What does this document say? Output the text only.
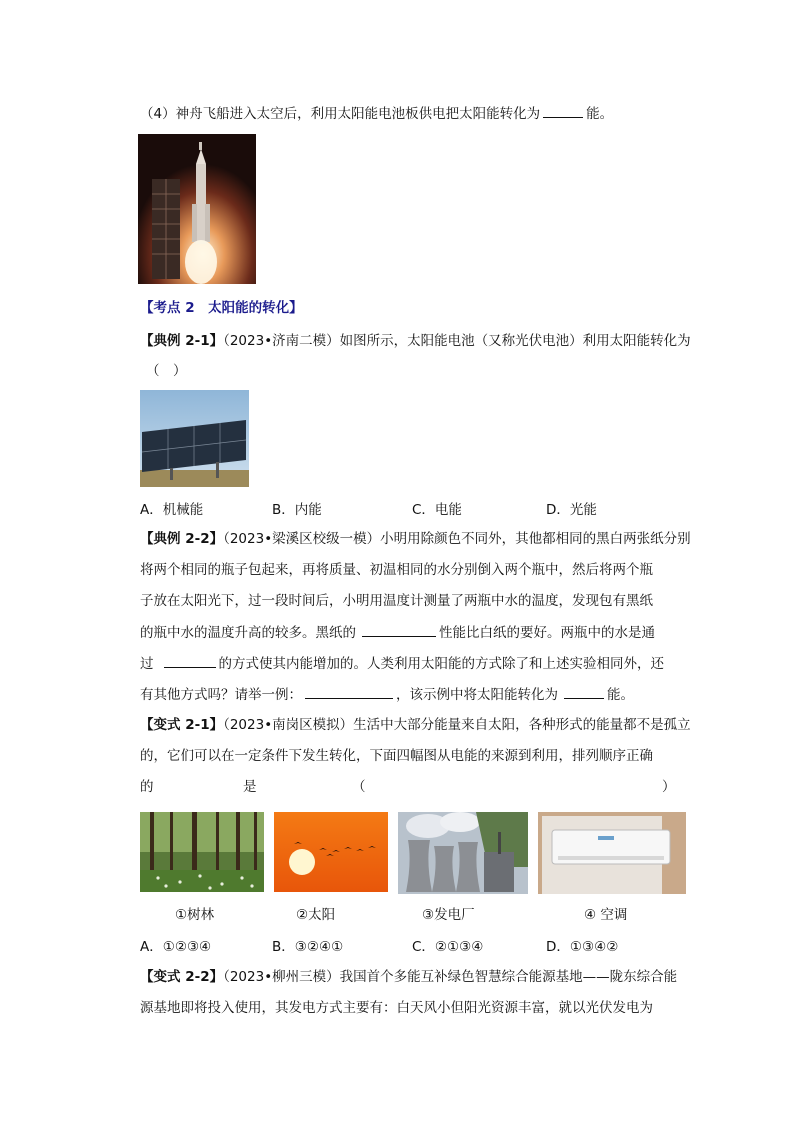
（4）神舟飞船进入太空后，利用太阳能电池板供电把太阳能转化为	能。
【考点 2　太阳能的转化】
【典例 2-1】（2023•济南二模）如图所示，太阳能电池（又称光伏电池）利用太阳能转化为
（　）
A．机械能	B．内能	C．电能	D．光能
【典例 2-2】（2023•梁溪区校级一模）小明用除颜色不同外，其他都相同的黑白两张纸分别
将两个相同的瓶子包起来，再将质量、初温相同的水分别倒入两个瓶中，然后将两个瓶
子放在太阳光下，过一段时间后，小明用温度计测量了两瓶中水的温度，发现包有黑纸
的瓶中水的温度升高的较多。黑纸的	性能比白纸的要好。两瓶中的水是通
过	的方式使其内能增加的。人类利用太阳能的方式除了和上述实验相同外，还
有其他方式吗？请举一例：	，该示例中将太阳能转化为	能。
【变式 2-1】（2023•南岗区模拟）生活中大部分能量来自太阳，各种形式的能量都不是孤立
的，它们可以在一定条件下发生转化，下面四幅图从电能的来源到利用，排列顺序正确
的	是	（	）
①树林	②太阳	③发电厂	④ 空调
A．①②③④	B．③②④①	C．②①③④	D．①③④②
【变式 2-2】（2023•柳州三模）我国首个多能互补绿色智慧综合能源基地——陇东综合能
源基地即将投入使用，其发电方式主要有：白天风小但阳光资源丰富，就以光伏发电为
